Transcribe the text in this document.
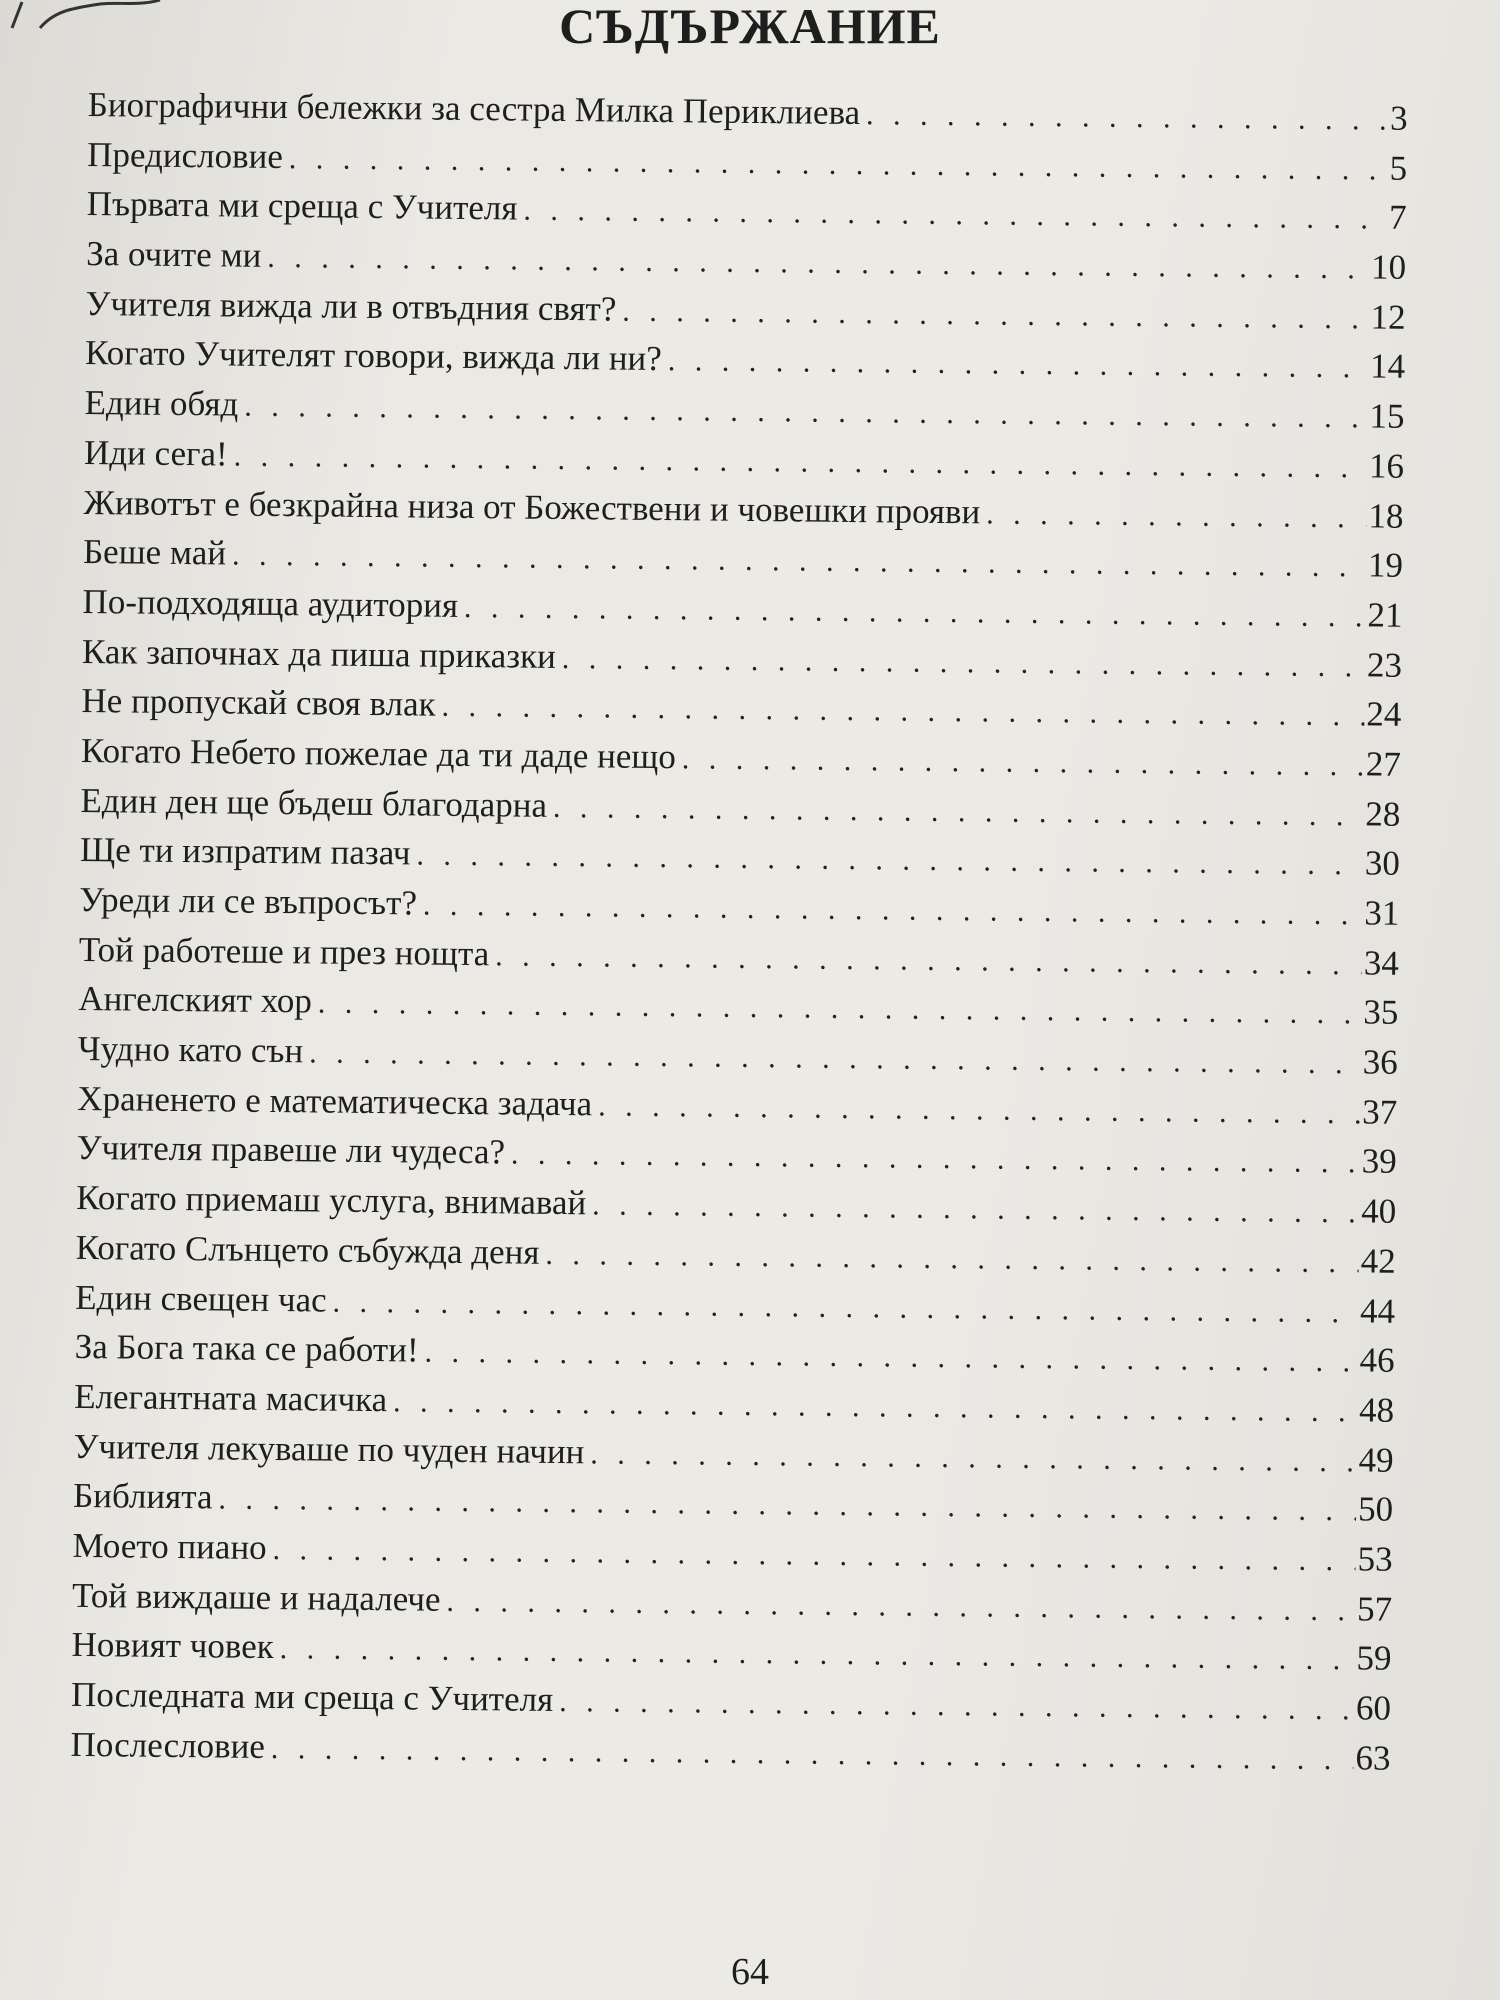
СЪДЪРЖАНИЕ
Биографични бележки за сестра Милка Периклиева . . .	3
Предисловие . . .	5
Първата ми среща с Учителя . . .	7
За очите ми . . .	10
Учителя вижда ли в отвъдния свят? . . .	12
Когато Учителят говори, вижда ли ни? . . .	14
Един обяд . . .	15
Иди сега! . . .	16
Животът е безкрайна низа от Божествени и човешки прояви . . .	18
Беше май . . .	19
По-подходяща аудитория . . .	21
Как започнах да пиша приказки . . .	23
Не пропускай своя влак . . .	24
Когато Небето пожелае да ти даде нещо . . .	27
Един ден ще бъдеш благодарна . . .	28
Ще ти изпратим пазач . . .	30
Уреди ли се въпросът? . . .	31
Той работеше и през нощта . . .	34
Ангелският хор . . .	35
Чудно като сън . . .	36
Храненето е математическа задача . . .	37
Учителя правеше ли чудеса? . . .	39
Когато приемаш услуга, внимавай . . .	40
Когато Слънцето събужда деня . . .	42
Един свещен час . . .	44
За Бога така се работи! . . .	46
Елегантната масичка . . .	48
Учителя лекуваше по чуден начин . . .	49
Библията . . .	50
Моето пиано . . .	53
Той виждаше и надалече . . .	57
Новият човек . . .	59
Последната ми среща с Учителя . . .	60
Послесловие . . .	63
64
